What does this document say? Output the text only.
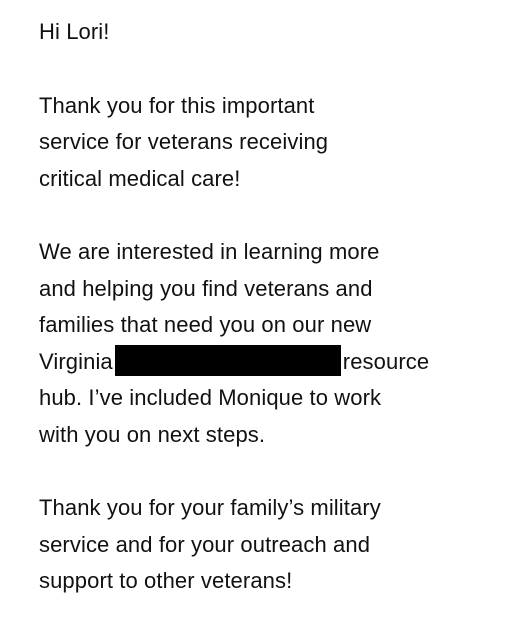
Hi Lori!

Thank you for this important
service for veterans receiving
critical medical care!

We are interested in learning more
and helping you find veterans and
families that need you on our new
Virginia	resource
hub. I’ve included Monique to work
with you on next steps.

Thank you for your family’s military
service and for your outreach and
support to other veterans!
